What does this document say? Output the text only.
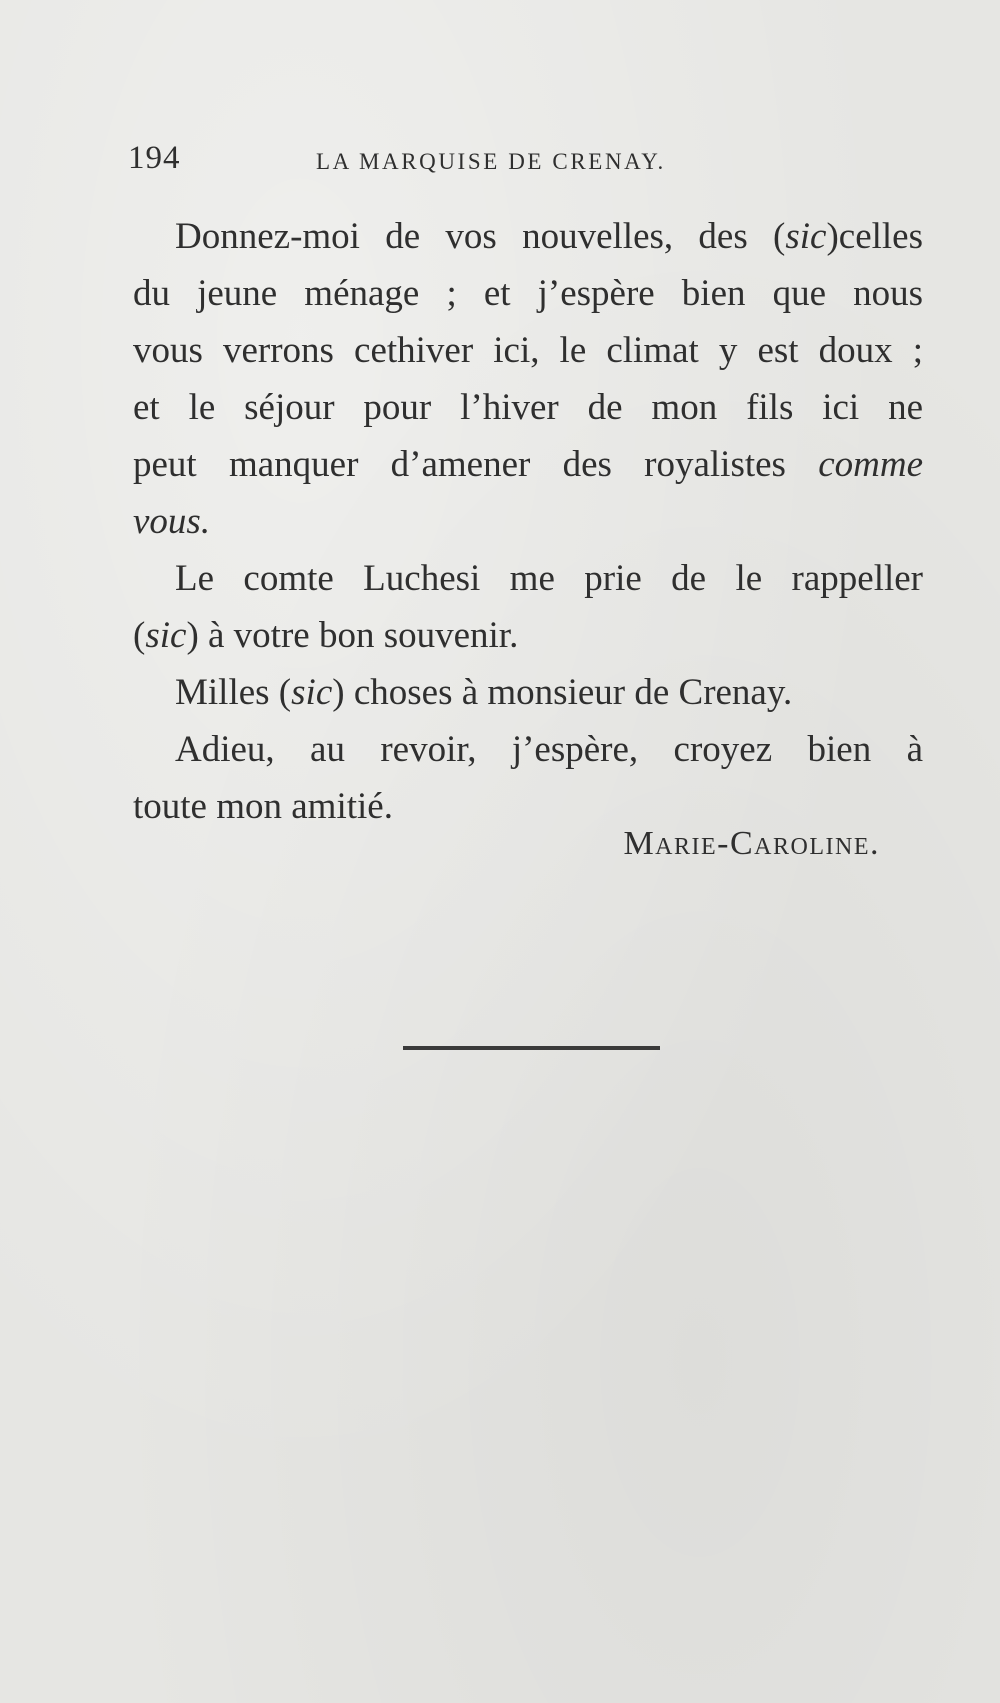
194	LA MARQUISE DE CRENAY.
Donnez-moi de vos nouvelles, des (sic)celles
du jeune ménage ; et j’espère bien que nous
vous verrons cethiver ici, le climat y est doux ;
et le séjour pour l’hiver de mon fils ici ne
peut manquer d’amener des royalistes comme
vous.
Le comte Luchesi me prie de le rappeller
(sic) à votre bon souvenir.
Milles (sic) choses à monsieur de Crenay.
Adieu, au revoir, j’espère, croyez bien à
toute mon amitié.
Marie-Caroline.
